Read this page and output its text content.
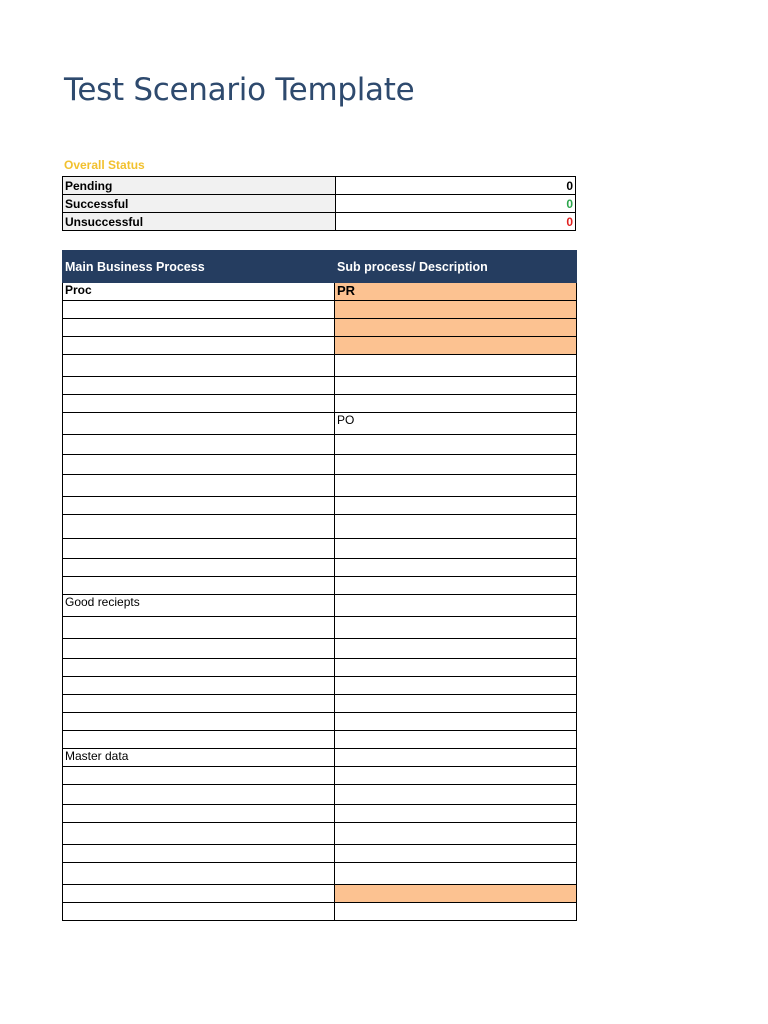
Test Scenario Template
Overall Status
Pending	0
Successful	0
Unsuccessful	0
Main Business Process	Sub process/ Description
Proc	PR

	PO

Good reciepts	

Master data	
